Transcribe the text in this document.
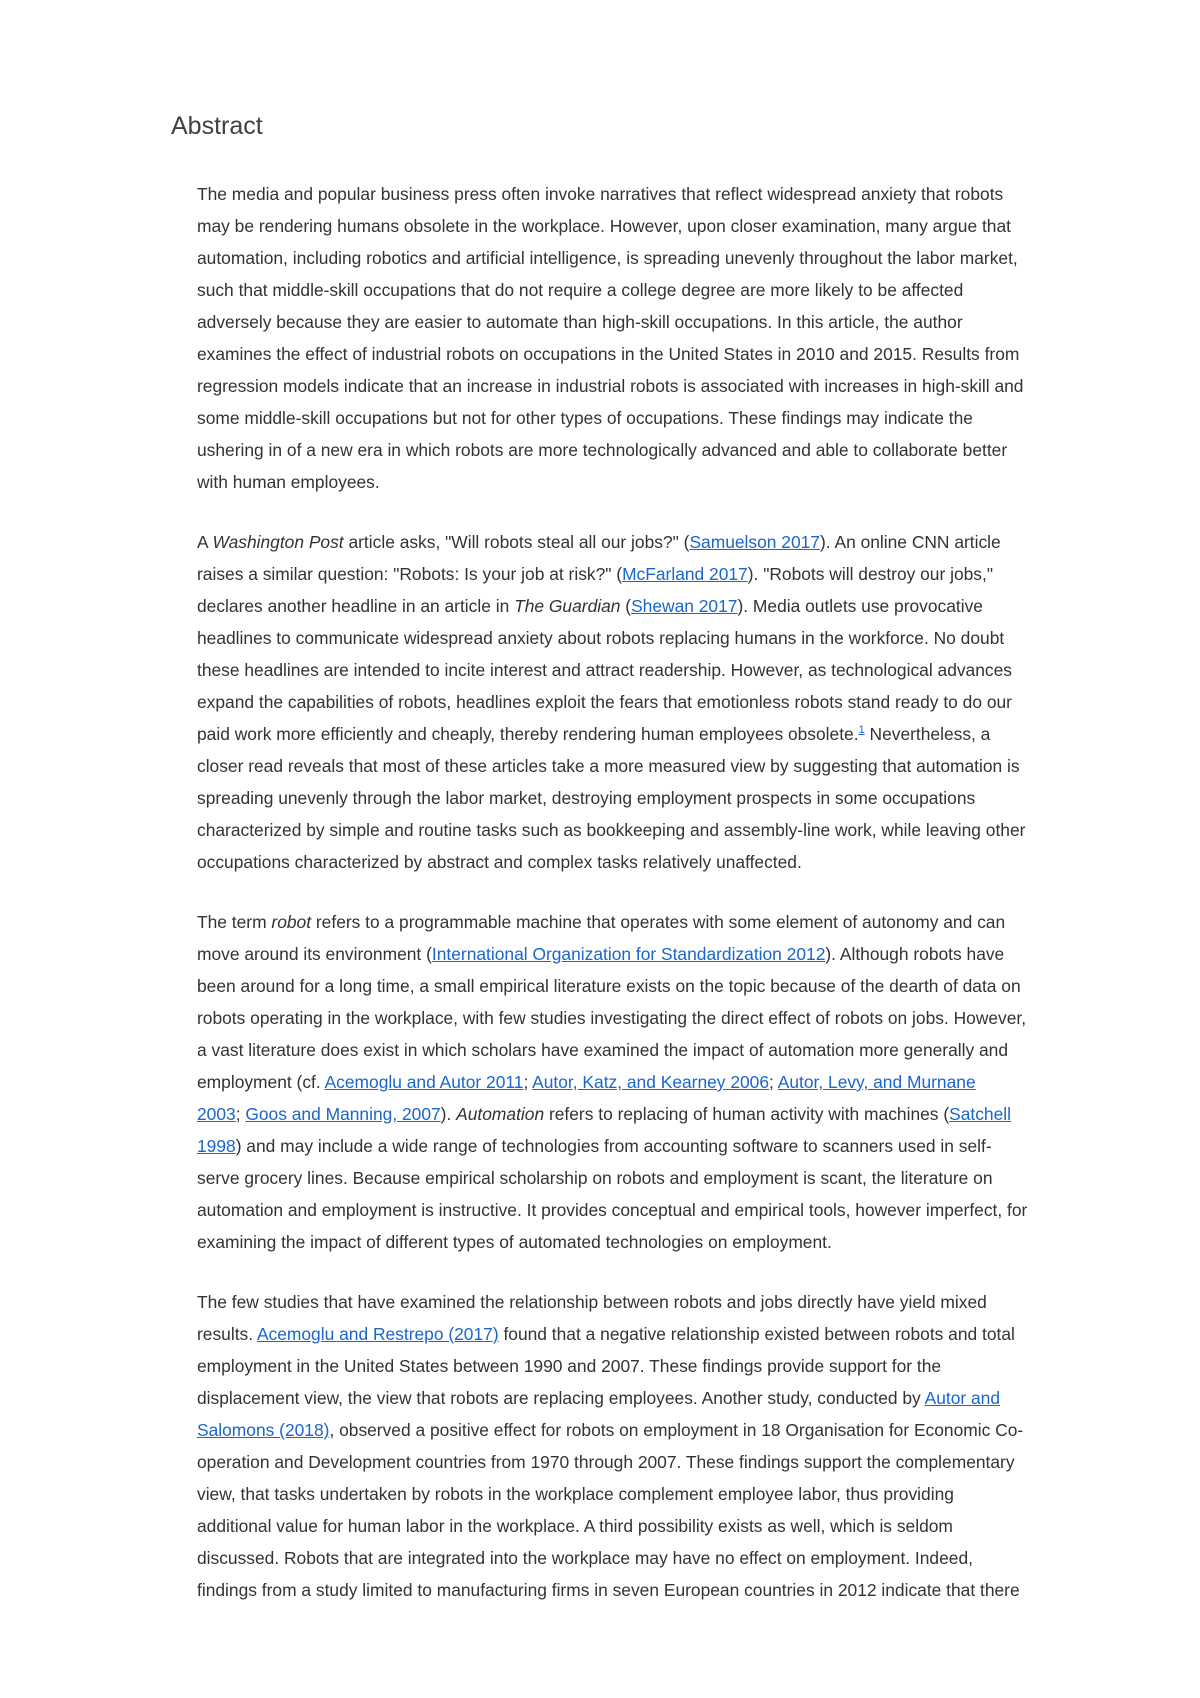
Abstract

The media and popular business press often invoke narratives that reflect widespread anxiety that robots
may be rendering humans obsolete in the workplace. However, upon closer examination, many argue that
automation, including robotics and artificial intelligence, is spreading unevenly throughout the labor market,
such that middle-skill occupations that do not require a college degree are more likely to be affected
adversely because they are easier to automate than high-skill occupations. In this article, the author
examines the effect of industrial robots on occupations in the United States in 2010 and 2015. Results from
regression models indicate that an increase in industrial robots is associated with increases in high-skill and
some middle-skill occupations but not for other types of occupations. These findings may indicate the
ushering in of a new era in which robots are more technologically advanced and able to collaborate better
with human employees.

A Washington Post article asks, "Will robots steal all our jobs?" (Samuelson 2017). An online CNN article
raises a similar question: "Robots: Is your job at risk?" (McFarland 2017). "Robots will destroy our jobs,"
declares another headline in an article in The Guardian (Shewan 2017). Media outlets use provocative
headlines to communicate widespread anxiety about robots replacing humans in the workforce. No doubt
these headlines are intended to incite interest and attract readership. However, as technological advances
expand the capabilities of robots, headlines exploit the fears that emotionless robots stand ready to do our
paid work more efficiently and cheaply, thereby rendering human employees obsolete.$^1$ Nevertheless, a
closer read reveals that most of these articles take a more measured view by suggesting that automation is
spreading unevenly through the labor market, destroying employment prospects in some occupations
characterized by simple and routine tasks such as bookkeeping and assembly-line work, while leaving other
occupations characterized by abstract and complex tasks relatively unaffected.

The term robot refers to a programmable machine that operates with some element of autonomy and can
move around its environment (International Organization for Standardization 2012). Although robots have
been around for a long time, a small empirical literature exists on the topic because of the dearth of data on
robots operating in the workplace, with few studies investigating the direct effect of robots on jobs. However,
a vast literature does exist in which scholars have examined the impact of automation more generally and
employment (cf. Acemoglu and Autor 2011; Autor, Katz, and Kearney 2006; Autor, Levy, and Murnane
2003; Goos and Manning, 2007). Automation refers to replacing of human activity with machines (Satchell
1998) and may include a wide range of technologies from accounting software to scanners used in self-
serve grocery lines. Because empirical scholarship on robots and employment is scant, the literature on
automation and employment is instructive. It provides conceptual and empirical tools, however imperfect, for
examining the impact of different types of automated technologies on employment.

The few studies that have examined the relationship between robots and jobs directly have yield mixed
results. Acemoglu and Restrepo (2017) found that a negative relationship existed between robots and total
employment in the United States between 1990 and 2007. These findings provide support for the
displacement view, the view that robots are replacing employees. Another study, conducted by Autor and
Salomons (2018), observed a positive effect for robots on employment in 18 Organisation for Economic Co-
operation and Development countries from 1970 through 2007. These findings support the complementary
view, that tasks undertaken by robots in the workplace complement employee labor, thus providing
additional value for human labor in the workplace. A third possibility exists as well, which is seldom
discussed. Robots that are integrated into the workplace may have no effect on employment. Indeed,
findings from a study limited to manufacturing firms in seven European countries in 2012 indicate that there
